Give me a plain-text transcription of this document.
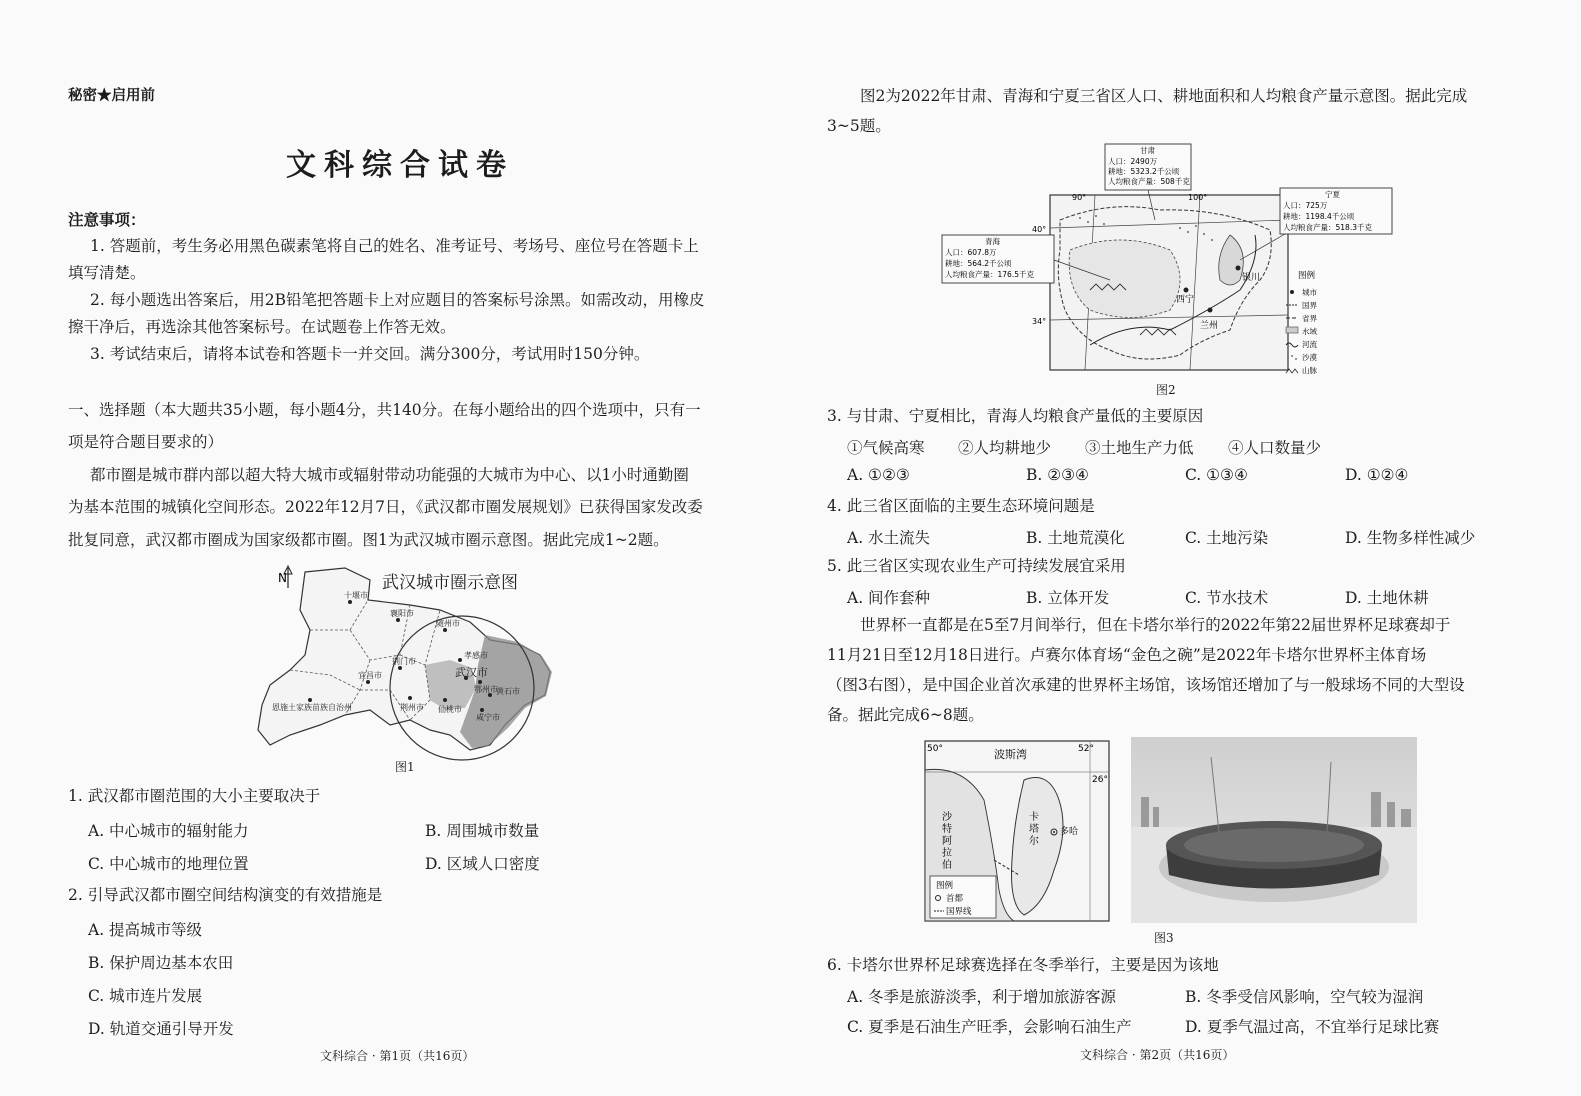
秘密★启用前
文科综合试卷
注意事项：
1. 答题前，考生务必用黑色碳素笔将自己的姓名、准考证号、考场号、座位号在答题卡上
填写清楚。
2. 每小题选出答案后，用2B铅笔把答题卡上对应题目的答案标号涂黑。如需改动，用橡皮
擦干净后，再选涂其他答案标号。在试题卷上作答无效。
3. 考试结束后，请将本试卷和答题卡一并交回。满分300分，考试用时150分钟。
一、选择题（本大题共35小题，每小题4分，共140分。在每小题给出的四个选项中，只有一
项是符合题目要求的）
都市圈是城市群内部以超大特大城市或辐射带动功能强的大城市为中心、以1小时通勤圈
为基本范围的城镇化空间形态。2022年12月7日，《武汉都市圈发展规划》已获得国家发改委
批复同意，武汉都市圈成为国家级都市圈。图1为武汉城市圈示意图。据此完成1~2题。
N	武汉城市圈示意图
十堰市
襄阳市
随州市
荆门市
孝感市
宜昌市	武汉市
鄂州市
黄石市
咸宁市
荆州市 仙桃市
恩施土家族苗族自治州
图1
1. 武汉都市圈范围的大小主要取决于
A. 中心城市的辐射能力	B. 周围城市数量
C. 中心城市的地理位置	D. 区域人口密度
2. 引导武汉都市圈空间结构演变的有效措施是
A. 提高城市等级
B. 保护周边基本农田
C. 城市连片发展
D. 轨道交通引导开发
文科综合 · 第1页（共16页）
图2为2022年甘肃、青海和宁夏三省区人口、耕地面积和人均粮食产量示意图。据此完成
3~5题。
银川
西宁
兰州
90°	100°
40°
34°
甘肃
人口：2490万
耕地：5323.2千公顷
人均粮食产量：508千克
青海
人口：607.8万
耕地：564.2千公顷
人均粮食产量：176.5千克
宁夏
人口：725万
耕地：1198.4千公顷
人均粮食产量：518.3千克
图例
城市
国界
省界
水域
河流
沙漠
山脉
图2
3. 与甘肃、宁夏相比，青海人均粮食产量低的主要原因
①气候高寒 ②人均耕地少 ③土地生产力低 ④人口数量少
A. ①②③	B. ②③④	C. ①③④	D. ①②④
4. 此三省区面临的主要生态环境问题是
A. 水土流失	B. 土地荒漠化	C. 土地污染	D. 生物多样性减少
5. 此三省区实现农业生产可持续发展宜采用
A. 间作套种	B. 立体开发	C. 节水技术	D. 土地休耕
世界杯一直都是在5至7月间举行，但在卡塔尔举行的2022年第22届世界杯足球赛却于
11月21日至12月18日进行。卢赛尔体育场“金色之碗”是2022年卡塔尔世界杯主体育场
（图3右图），是中国企业首次承建的世界杯主场馆，该场馆还增加了与一般球场不同的大型设
备。据此完成6~8题。
50°	52°
26°
波斯湾
多哈
沙特阿拉伯
卡塔尔
图例
首都
国界线
图3
6. 卡塔尔世界杯足球赛选择在冬季举行，主要是因为该地
A. 冬季是旅游淡季，利于增加旅游客源	B. 冬季受信风影响，空气较为湿润
C. 夏季是石油生产旺季，会影响石油生产	D. 夏季气温过高，不宜举行足球比赛
文科综合 · 第2页（共16页）
